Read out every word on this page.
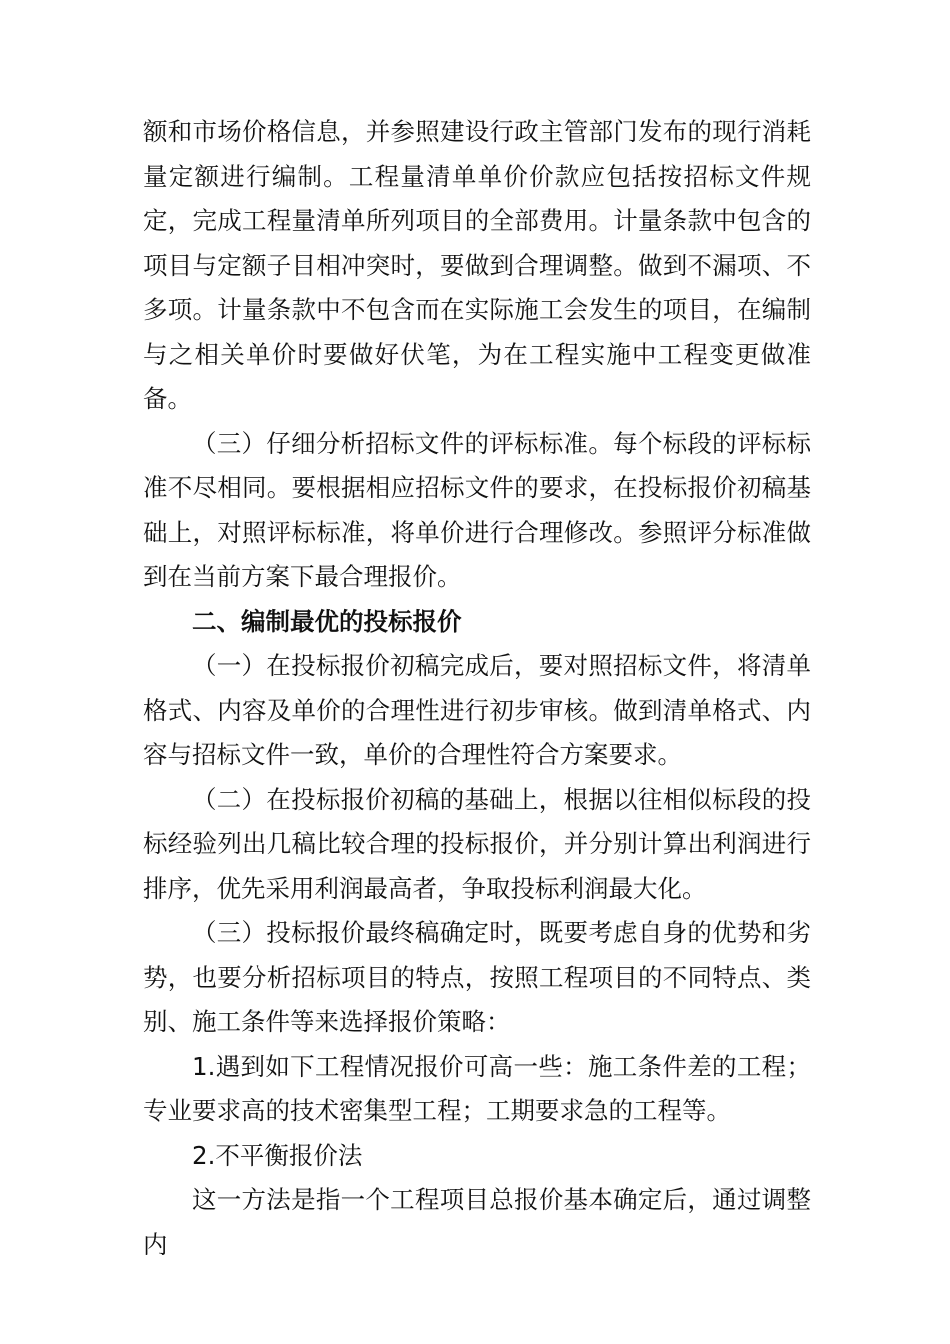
额和市场价格信息，并参照建设行政主管部门发布的现行消耗量定额进行编制。工程量清单单价价款应包括按招标文件规定，完成工程量清单所列项目的全部费用。计量条款中包含的项目与定额子目相冲突时，要做到合理调整。做到不漏项、不多项。计量条款中不包含而在实际施工会发生的项目，在编制与之相关单价时要做好伏笔，为在工程实施中工程变更做准备。

（三）仔细分析招标文件的评标标准。每个标段的评标标准不尽相同。要根据相应招标文件的要求，在投标报价初稿基础上，对照评标标准，将单价进行合理修改。参照评分标准做到在当前方案下最合理报价。

二、编制最优的投标报价

（一）在投标报价初稿完成后，要对照招标文件，将清单格式、内容及单价的合理性进行初步审核。做到清单格式、内容与招标文件一致，单价的合理性符合方案要求。

（二）在投标报价初稿的基础上，根据以往相似标段的投标经验列出几稿比较合理的投标报价，并分别计算出利润进行排序，优先采用利润最高者，争取投标利润最大化。

（三）投标报价最终稿确定时，既要考虑自身的优势和劣势，也要分析招标项目的特点，按照工程项目的不同特点、类别、施工条件等来选择报价策略：

1.遇到如下工程情况报价可高一些：施工条件差的工程；专业要求高的技术密集型工程；工期要求急的工程等。

2.不平衡报价法

这一方法是指一个工程项目总报价基本确定后，通过调整内
